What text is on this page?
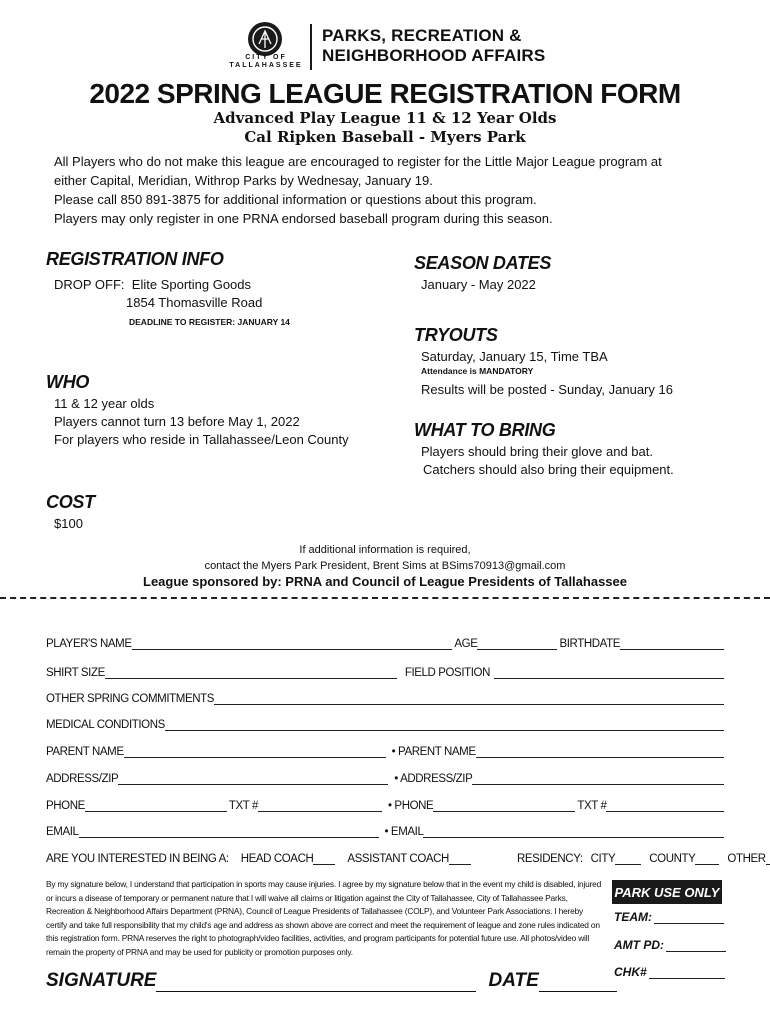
CITY OF TALLAHASSEE
PARKS, RECREATION &
NEIGHBORHOOD AFFAIRS
2022 SPRING LEAGUE REGISTRATION FORM
Advanced Play League 11 & 12 Year Olds
Cal Ripken Baseball - Myers Park
All Players who do not make this league are encouraged to register for the Little Major League program at
either Capital, Meridian, Withrop Parks by Wednesay, January 19.
Please call 850 891-3875 for additional information or questions about this program.
Players may only register in one PRNA endorsed baseball program during this season.
REGISTRATION INFO
DROP OFF: Elite Sporting Goods
1854 Thomasville Road
DEADLINE TO REGISTER: JANUARY 14
WHO
11 & 12 year olds
Players cannot turn 13 before May 1, 2022
For players who reside in Tallahassee/Leon County
COST
$100
SEASON DATES
January - May 2022
TRYOUTS
Saturday, January 15, Time TBA
Attendance is MANDATORY
Results will be posted - Sunday, January 16
WHAT TO BRING
Players should bring their glove and bat.
Catchers should also bring their equipment.
If additional information is required,
contact the Myers Park President, Brent Sims at BSims70913@gmail.com
League sponsored by: PRNA and Council of League Presidents of Tallahassee
PLAYER'S NAME	AGE	BIRTHDATE
SHIRT SIZE	FIELD POSITION
OTHER SPRING COMMITMENTS
MEDICAL CONDITIONS
PARENT NAME	• PARENT NAME
ADDRESS/ZIP	• ADDRESS/ZIP
PHONE	TXT #	• PHONE	TXT #
EMAIL	• EMAIL
ARE YOU INTERESTED IN BEING A: HEAD COACH	ASSISTANT COACH	RESIDENCY: CITY	COUNTY	OTHER
By my signature below, I understand that participation in sports may cause injuries. I agree by my signature below that in the event my child is disabled, injured or incurs a disease of temporary or permanent nature that I will waive all claims or litigation against the City of Tallahassee, City of Tallahassee Parks, Recreation & Neighborhood Affairs Department (PRNA), Council of League Presidents of Tallahassee (COLP), and Volunteer Park Associations. I hereby certify and take full responsibility that my child's age and address as shown above are correct and meet the requirement of league and zone rules indicated on this registration form. PRNA reserves the right to photograph/video facilities, activities, and program participants for potential future use. All photos/video will remain the property of PRNA and may be used for publicity or promotion purposes only.
PARK USE ONLY
TEAM:
AMT PD:
CHK#
SIGNATURE	DATE
